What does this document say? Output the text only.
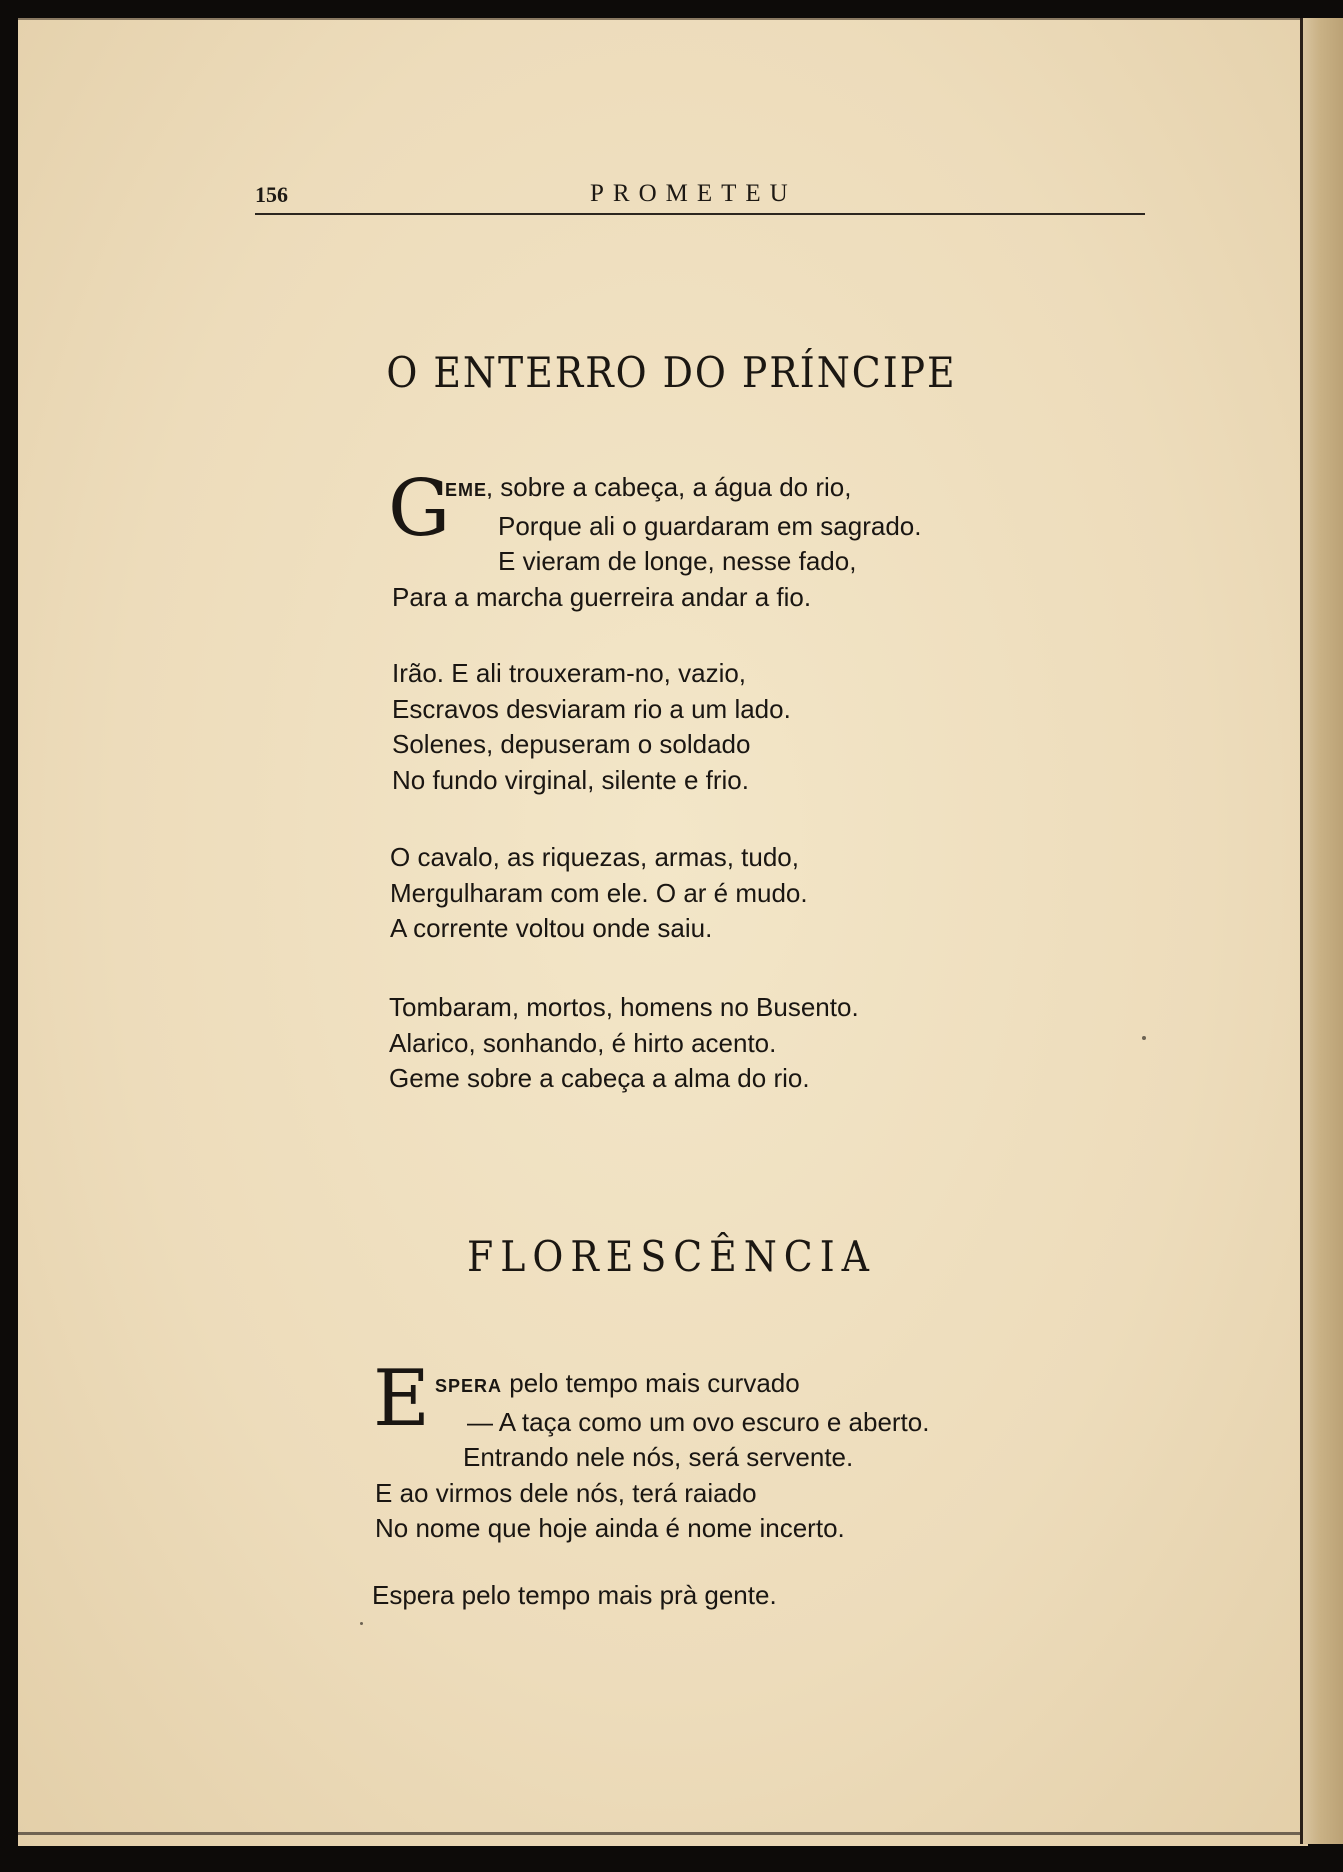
156	PROMETEU
O ENTERRO DO PRÍNCIPE
G
EME, sobre a cabeça, a água do rio,
Porque ali o guardaram em sagrado.
E vieram de longe, nesse fado,
Para a marcha guerreira andar a fio.
Irão. E ali trouxeram-no, vazio,
Escravos desviaram rio a um lado.
Solenes, depuseram o soldado
No fundo virginal, silente e frio.
O cavalo, as riquezas, armas, tudo,
Mergulharam com ele. O ar é mudo.
A corrente voltou onde saiu.
Tombaram, mortos, homens no Busento.
Alarico, sonhando, é hirto acento.
Geme sobre a cabeça a alma do rio.
FLORESCÊNCIA
E SPERA pelo tempo mais curvado
— A taça como um ovo escuro e aberto.
Entrando nele nós, será servente.
E ao virmos dele nós, terá raiado
No nome que hoje ainda é nome incerto.
Espera pelo tempo mais prà gente.
